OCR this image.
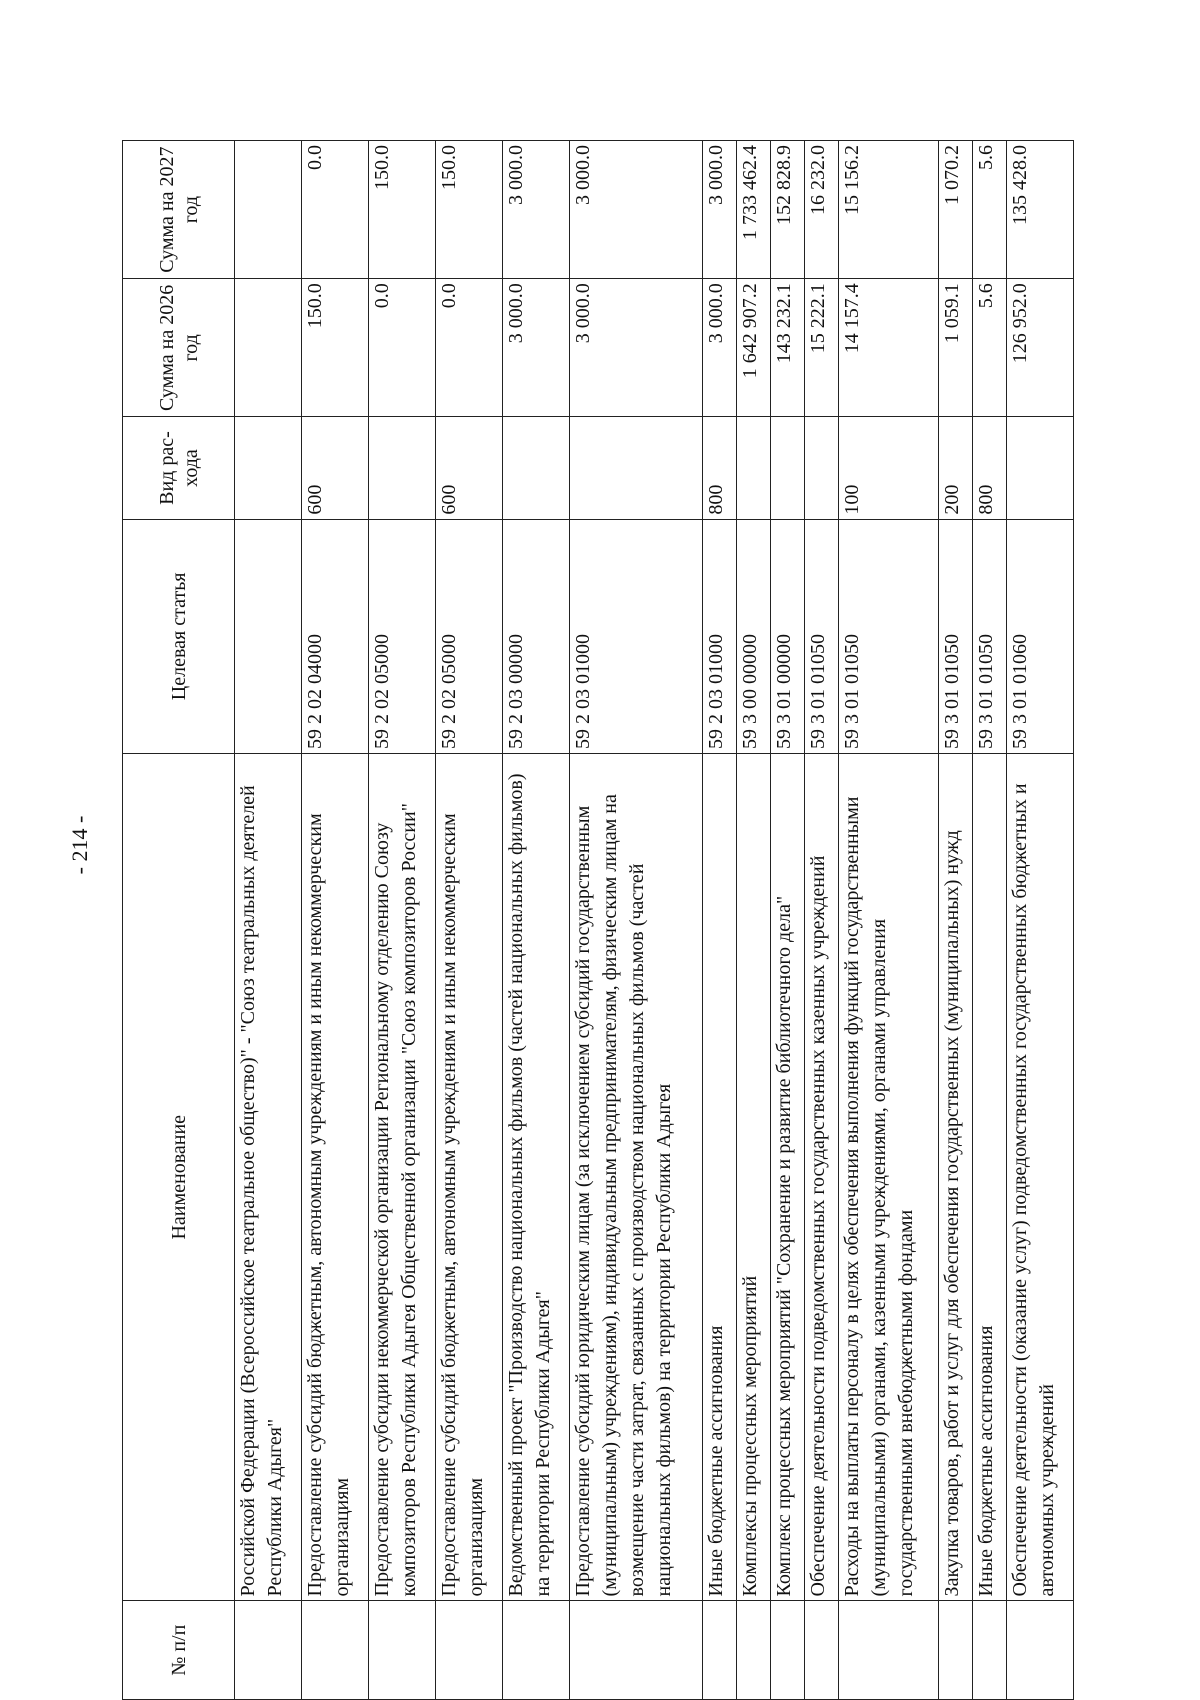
- 214 -
№ п/п	Наименование	Целевая статья	Вид рас-хода	Сумма на 2026 год	Сумма на 2027 год
	Российской Федерации (Всероссийское театральное общество)" - "Союз театральных деятелей Республики Адыгея"				
	Предоставление субсидий бюджетным, автономным учреждениям и иным некоммерческим организациям	59 2 02 04000	600	150.0	0.0
	Предоставление субсидии некоммерческой организации Региональному отделению Союзу композиторов Республики Адыгея Общественной организации "Союз композиторов России"	59 2 02 05000		0.0	150.0
	Предоставление субсидий бюджетным, автономным учреждениям и иным некоммерческим организациям	59 2 02 05000	600	0.0	150.0
	Ведомственный проект "Производство национальных фильмов (частей национальных фильмов) на территории Республики Адыгея"	59 2 03 00000		3 000.0	3 000.0
	Предоставление субсидий юридическим лицам (за исключением субсидий государственным (муниципальным) учреждениям), индивидуальным предпринимателям, физическим лицам на возмещение части затрат, связанных с производством национальных фильмов (частей национальных фильмов) на территории Республики Адыгея	59 2 03 01000		3 000.0	3 000.0
	Иные бюджетные ассигнования	59 2 03 01000	800	3 000.0	3 000.0
	Комплексы процессных мероприятий	59 3 00 00000		1 642 907.2	1 733 462.4
	Комплекс процессных мероприятий "Сохранение и развитие библиотечного дела"	59 3 01 00000		143 232.1	152 828.9
	Обеспечение деятельности подведомственных государственных казенных учреждений	59 3 01 01050		15 222.1	16 232.0
	Расходы на выплаты персоналу в целях обеспечения выполнения функций государственными (муниципальными) органами, казенными учреждениями, органами управления государственными внебюджетными фондами	59 3 01 01050	100	14 157.4	15 156.2
	Закупка товаров, работ и услуг для обеспечения государственных (муниципальных) нужд	59 3 01 01050	200	1 059.1	1 070.2
	Иные бюджетные ассигнования	59 3 01 01050	800	5.6	5.6
	Обеспечение деятельности (оказание услуг) подведомственных государственных бюджетных и автономных учреждений	59 3 01 01060		126 952.0	135 428.0
